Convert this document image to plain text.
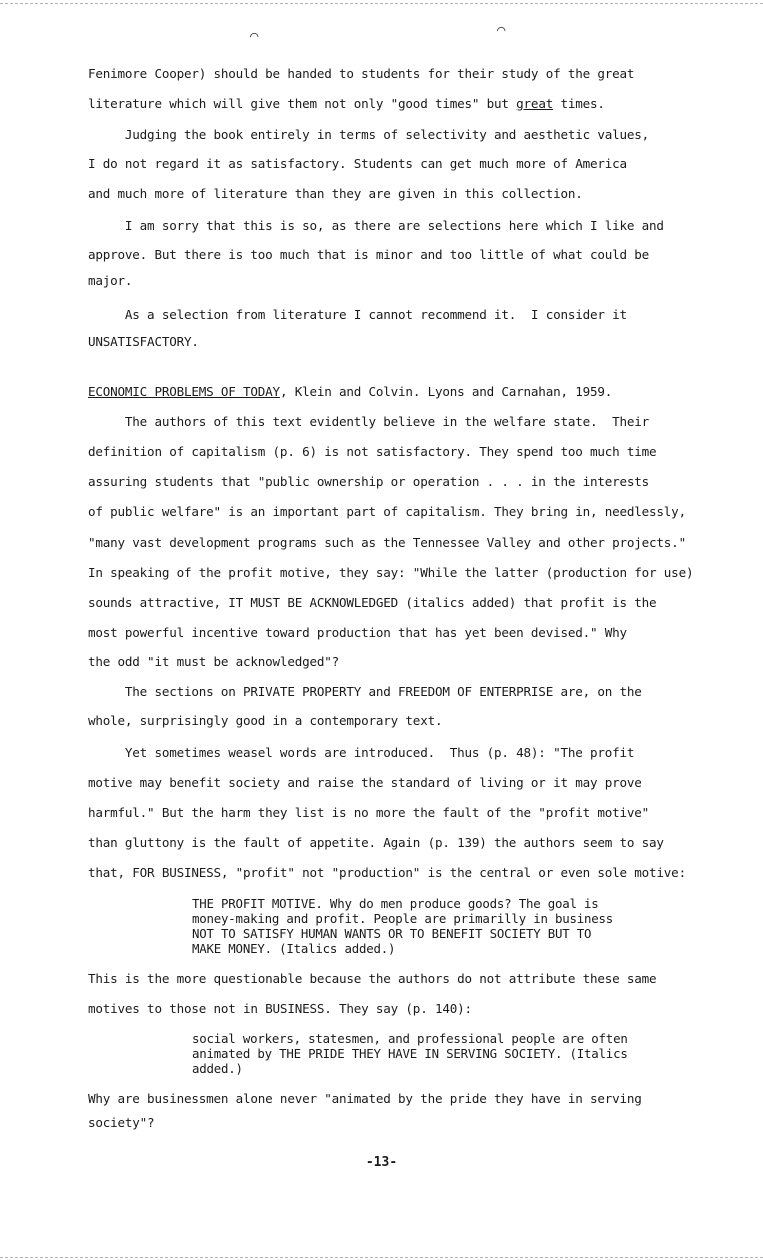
⌒	⌒
Fenimore Cooper) should be handed to students for their study of the great
literature which will give them not only "good times" but great times.
Judging the book entirely in terms of selectivity and aesthetic values,
I do not regard it as satisfactory. Students can get much more of America
and much more of literature than they are given in this collection.
I am sorry that this is so, as there are selections here which I like and
approve. But there is too much that is minor and too little of what could be
major.
As a selection from literature I cannot recommend it.  I consider it
UNSATISFACTORY.
ECONOMIC PROBLEMS OF TODAY, Klein and Colvin. Lyons and Carnahan, 1959.
The authors of this text evidently believe in the welfare state.  Their
definition of capitalism (p. 6) is not satisfactory. They spend too much time
assuring students that "public ownership or operation . . . in the interests
of public welfare" is an important part of capitalism. They bring in, needlessly,
"many vast development programs such as the Tennessee Valley and other projects."
In speaking of the profit motive, they say: "While the latter (production for use)
sounds attractive, IT MUST BE ACKNOWLEDGED (italics added) that profit is the
most powerful incentive toward production that has yet been devised." Why
the odd "it must be acknowledged"?
The sections on PRIVATE PROPERTY and FREEDOM OF ENTERPRISE are, on the
whole, surprisingly good in a contemporary text.
Yet sometimes weasel words are introduced.  Thus (p. 48): "The profit
motive may benefit society and raise the standard of living or it may prove
harmful." But the harm they list is no more the fault of the "profit motive"
than gluttony is the fault of appetite. Again (p. 139) the authors seem to say
that, FOR BUSINESS, "profit" not "production" is the central or even sole motive:
THE PROFIT MOTIVE. Why do men produce goods? The goal is
money-making and profit. People are primarilly in business
NOT TO SATISFY HUMAN WANTS OR TO BENEFIT SOCIETY BUT TO
MAKE MONEY. (Italics added.)
This is the more questionable because the authors do not attribute these same
motives to those not in BUSINESS. They say (p. 140):
social workers, statesmen, and professional people are often
animated by THE PRIDE THEY HAVE IN SERVING SOCIETY. (Italics
added.)
Why are businessmen alone never "animated by the pride they have in serving
society"?
-13-
